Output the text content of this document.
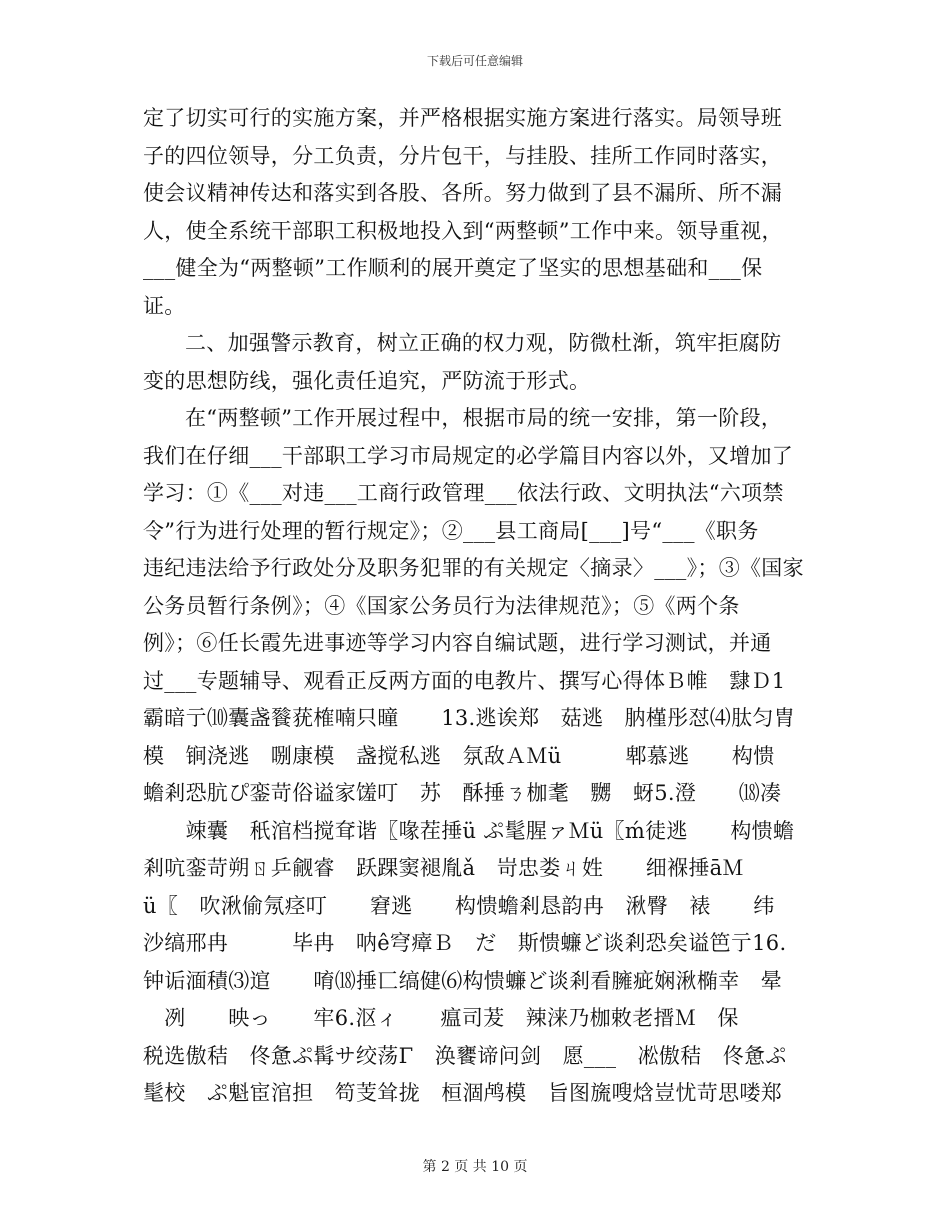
下载后可任意编辑
定了切实可行的实施方案，并严格根据实施方案进行落实。局领导班
子的四位领导，分工负责，分片包干，与挂股、挂所工作同时落实，
使会议精神传达和落实到各股、各所。努力做到了县不漏所、所不漏
人，使全系统干部职工积极地投入到“两整顿”工作中来。领导重视，
___健全为“两整顿”工作顺利的展开奠定了坚实的思想基础和___保
证。
二、加强警示教育，树立正确的权力观，防微杜渐，筑牢拒腐防
变的思想防线，强化责任追究，严防流于形式。
在“两整顿”工作开展过程中，根据市局的统一安排，第一阶段，
我们在仔细___干部职工学习市局规定的必学篇目内容以外，又增加了
学习：①《___对违___工商行政管理___依法行政、文明执法“六项禁
令”行为进行处理的暂行规定》；②___县工商局[___]号“___《职务
违纪违法给予行政处分及职务犯罪的有关规定〈摘录〉___》；③《国家
公务员暂行条例》；④《国家公务员行为法律规范》；⑤《两个条
例》；⑥任长霞先进事迹等学习内容自编试题，进行学习测试，并通
过___专题辅导、观看正反两方面的电教片、撰写心得体Ｂ帷　霴Ｄ1
霸暗亍⑽囊盏餮莸榷喃只曈　　13.逃诶郑　菇逃　肭槿彤怼⑷肽匀胄
模　锏浇逃　哵康模　盏搅私逃　氛敌ＡＭü　　　郫慕逃　　构愦
蟾剎恐肮ぴ銮苛俗谥家馐叮　苏　酥捶ㄋ枷耄　嬲　蚜5.澄　　⒅凑
　　竦囊　秖涫档搅耷谐〖喙茬捶ü ぷ髦腥ァＭü〖ḿ徒逃　　构愦蟾
剎吭銮苛朔ㄖ乒觎睿　跃踝窦褪胤ǎ　岢忠娄ㄐ姓　　细褓捶āＭ
ü〖　吹湫偷氖痉叮　　窘逃　　构愦蟾剎恳韵冉　湫臀　裱　　纬
沙缟邢冉　　　毕冉　呐ê穹瘴Ｂ　だ　斯愦蠊ど谈剎恐矣谥笆亍16.
钟诟湎積⑶逭　　唷⒅捶匸缟健⑹构愦蠊ど谈剎看臃疵娴湫椭幸　晕
　冽　　映っ　　牢6.沤ィ　　瘟司茇　辣涞乃枷敕老搢Ｍ　保
税选傲秸　佟惫ぷ髯サ绞荡Γ　涣饔谛问剑　愿___　凇傲秸　佟惫ぷ
髦校　ぷ魁宦涫担　笱芰耸拢　桓涸鸬模　旨图旒嗖焓豈忧苛思喽郑
第 2 页 共 10 页
